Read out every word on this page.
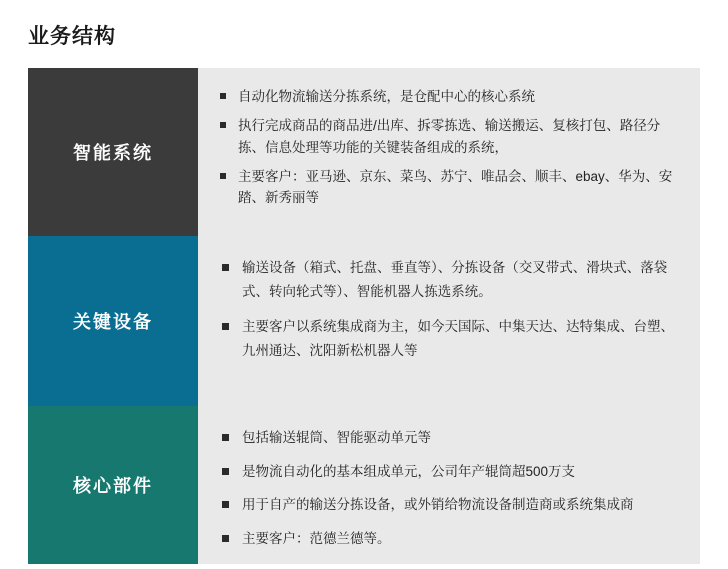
业务结构
智能系统
自动化物流输送分拣系统，是仓配中心的核心系统
执行完成商品的商品进/出库、拆零拣选、输送搬运、复核打包、路径分拣、信息处理等功能的关键装备组成的系统，
主要客户：亚马逊、京东、菜鸟、苏宁、唯品会、顺丰、ebay、华为、安踏、新秀丽等
关键设备
输送设备（箱式、托盘、垂直等）、分拣设备（交叉带式、滑块式、落袋式、转向轮式等）、智能机器人拣选系统。
主要客户以系统集成商为主，如今天国际、中集天达、达特集成、台塑、九州通达、沈阳新松机器人等
核心部件
包括输送辊筒、智能驱动单元等
是物流自动化的基本组成单元，公司年产辊筒超500万支
用于自产的输送分拣设备，或外销给物流设备制造商或系统集成商
主要客户：范德兰德等。
